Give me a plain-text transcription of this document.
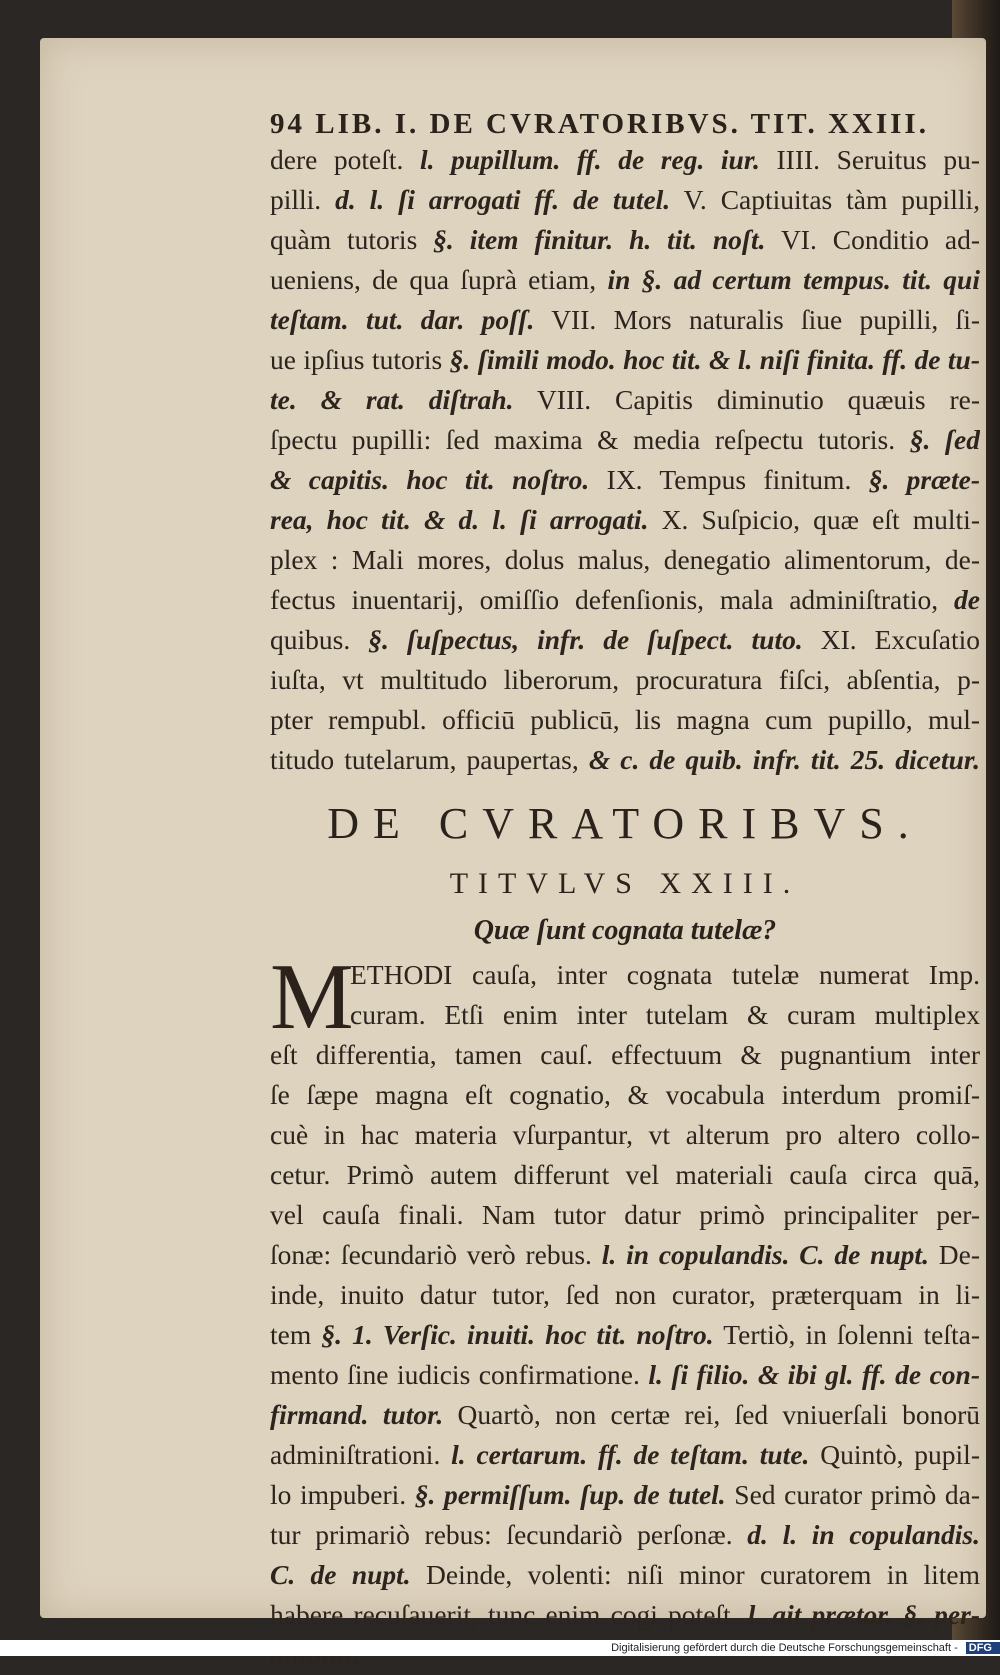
94 LIB. I. DE CVRATORIBVS. TIT. XXIII.
dere poteſt. l. pupillum. ff. de reg. iur. IIII. Seruitus pu-
pilli. d. l. ſi arrogati ff. de tutel. V. Captiuitas tàm pupilli,
quàm tutoris §. item finitur. h. tit. noſt. VI. Conditio ad-
ueniens, de qua ſuprà etiam, in §. ad certum tempus. tit. qui
teſtam. tut. dar. poſſ. VII. Mors naturalis ſiue pupilli, ſi-
ue ipſius tutoris §. ſimili modo. hoc tit. & l. niſi finita. ff. de tu-
te. & rat. diſtrah. VIII. Capitis diminutio quæuis re-
ſpectu pupilli: ſed maxima & media reſpectu tutoris. §. ſed
& capitis. hoc tit. noſtro. IX. Tempus finitum. §. præte-
rea, hoc tit. & d. l. ſi arrogati. X. Suſpicio, quæ eſt multi-
plex : Mali mores, dolus malus, denegatio alimentorum, de-
fectus inuentarij, omiſſio defenſionis, mala adminiſtratio, de
quibus. §. ſuſpectus, infr. de ſuſpect. tuto. XI. Excuſatio
iuſta, vt multitudo liberorum, procuratura fiſci, abſentia, p-
pter rempubl. officiū publicū, lis magna cum pupillo, mul-
titudo tutelarum, paupertas, & c. de quib. infr. tit. 25. dicetur.
DE CVRATORIBVS.
TITVLVS XXIII.
Quæ ſunt cognata tutelæ?
M
ETHODI cauſa, inter cognata tutelæ numerat Imp.
curam. Etſi enim inter tutelam & curam multiplex
eſt differentia, tamen cauſ. effectuum & pugnantium inter
ſe ſæpe magna eſt cognatio, & vocabula interdum promiſ-
cuè in hac materia vſurpantur, vt alterum pro altero collo-
cetur. Primò autem differunt vel materiali cauſa circa quā,
vel cauſa finali. Nam tutor datur primò principaliter per-
ſonæ: ſecundariò verò rebus. l. in copulandis. C. de nupt. De-
inde, inuito datur tutor, ſed non curator, præterquam in li-
tem §. 1. Verſic. inuiti. hoc tit. noſtro. Tertiò, in ſolenni teſta-
mento ſine iudicis confirmatione. l. ſi filio. & ibi gl. ff. de con-
firmand. tutor. Quartò, non certæ rei, ſed vniuerſali bonorū
adminiſtrationi. l. certarum. ff. de teſtam. tute. Quintò, pupil-
lo impuberi. §. permiſſum. ſup. de tutel. Sed curator primò da-
tur primariò rebus: ſecundariò perſonæ. d. l. in copulandis.
C. de nupt. Deinde, volenti: niſi minor curatorem in litem
habere recuſauerit, tunc enim cogi poteſt. l. ait prætor. §. per-
Digitalisierung gefördert durch die Deutsche Forschungsgemeinschaft - DFG
